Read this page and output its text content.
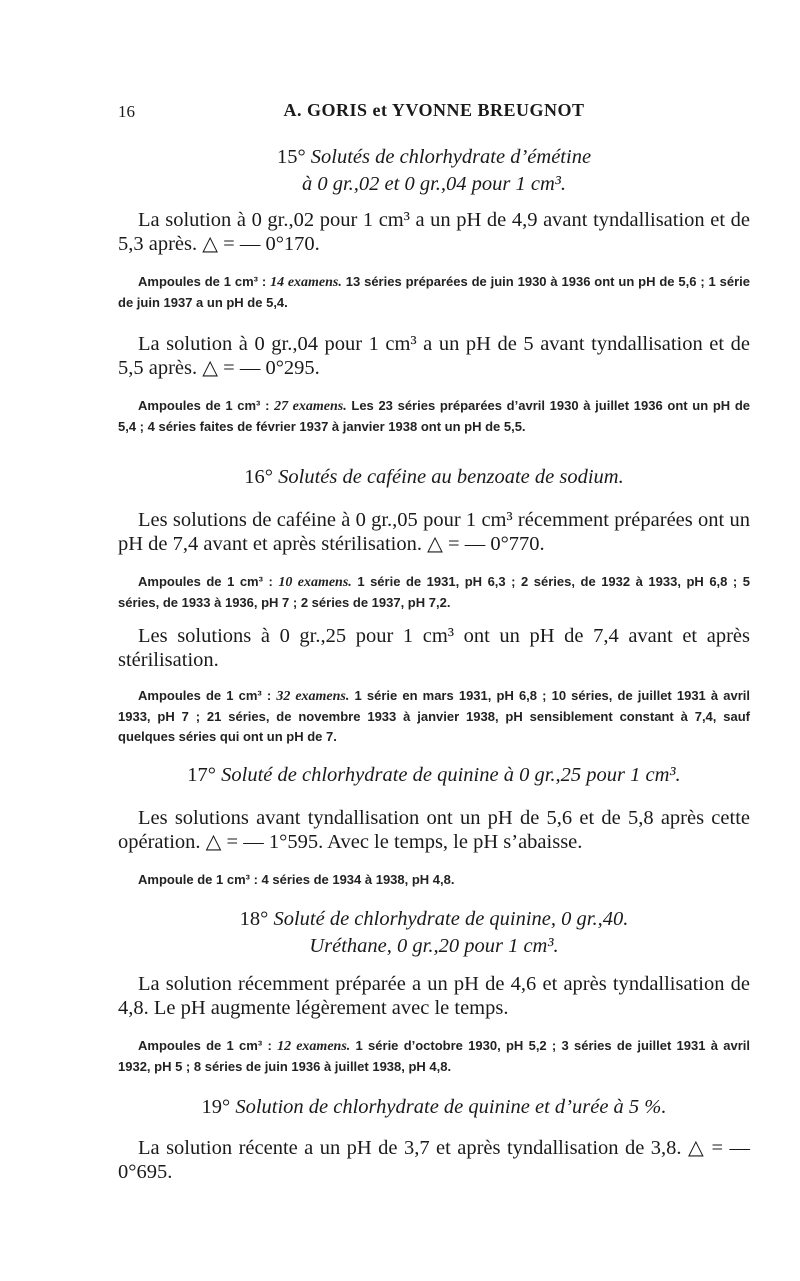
16	A. GORIS et YVONNE BREUGNOT
15° Solutés de chlorhydrate d’émétine
à 0 gr.,02 et 0 gr.,04 pour 1 cm³.
La solution à 0 gr.,02 pour 1 cm³ a un pH de 4,9 avant tyndallisation et de 5,3 après. △ = — 0°170.
Ampoules de 1 cm³ : 14 examens. 13 séries préparées de juin 1930 à 1936 ont un pH de 5,6 ; 1 série de juin 1937 a un pH de 5,4.
La solution à 0 gr.,04 pour 1 cm³ a un pH de 5 avant tyndallisation et de 5,5 après. △ = — 0°295.
Ampoules de 1 cm³ : 27 examens. Les 23 séries préparées d’avril 1930 à juillet 1936 ont un pH de 5,4 ; 4 séries faites de février 1937 à janvier 1938 ont un pH de 5,5.
16° Solutés de caféine au benzoate de sodium.
Les solutions de caféine à 0 gr.,05 pour 1 cm³ récemment préparées ont un pH de 7,4 avant et après stérilisation. △ = — 0°770.
Ampoules de 1 cm³ : 10 examens. 1 série de 1931, pH 6,3 ; 2 séries, de 1932 à 1933, pH 6,8 ; 5 séries, de 1933 à 1936, pH 7 ; 2 séries de 1937, pH 7,2.
Les solutions à 0 gr.,25 pour 1 cm³ ont un pH de 7,4 avant et après stérilisation.
Ampoules de 1 cm³ : 32 examens. 1 série en mars 1931, pH 6,8 ; 10 séries, de juillet 1931 à avril 1933, pH 7 ; 21 séries, de novembre 1933 à janvier 1938, pH sensiblement constant à 7,4, sauf quelques séries qui ont un pH de 7.
17° Soluté de chlorhydrate de quinine à 0 gr.,25 pour 1 cm³.
Les solutions avant tyndallisation ont un pH de 5,6 et de 5,8 après cette opération. △ = — 1°595. Avec le temps, le pH s’abaisse.
Ampoule de 1 cm³ : 4 séries de 1934 à 1938, pH 4,8.
18° Soluté de chlorhydrate de quinine, 0 gr.,40.
Uréthane, 0 gr.,20 pour 1 cm³.
La solution récemment préparée a un pH de 4,6 et après tyndallisation de 4,8. Le pH augmente légèrement avec le temps.
Ampoules de 1 cm³ : 12 examens. 1 série d’octobre 1930, pH 5,2 ; 3 séries de juillet 1931 à avril 1932, pH 5 ; 8 séries de juin 1936 à juillet 1938, pH 4,8.
19° Solution de chlorhydrate de quinine et d’urée à 5 %.
La solution récente a un pH de 3,7 et après tyndallisation de 3,8. △ = — 0°695.
